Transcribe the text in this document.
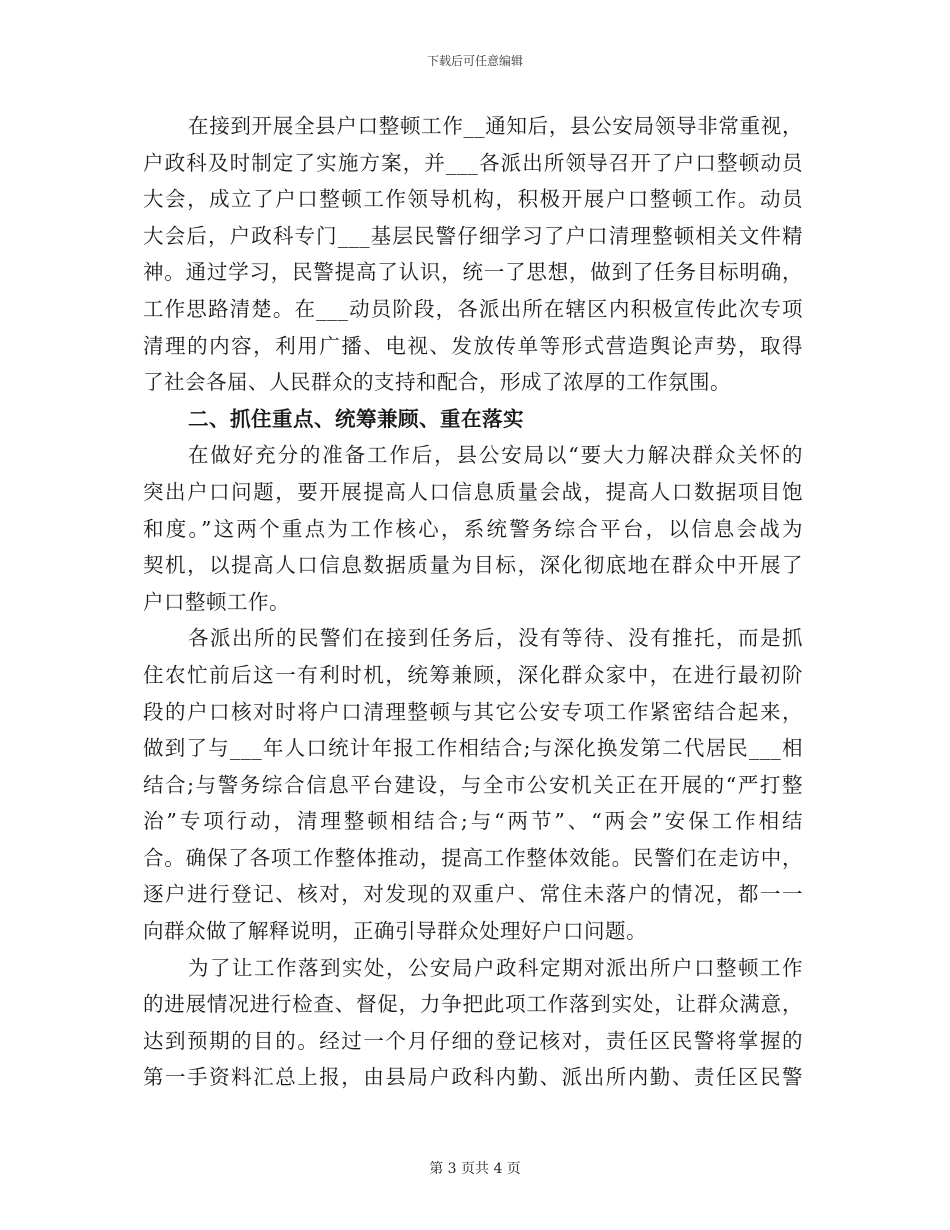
下载后可任意编辑
在接到开展全县户口整顿工作__通知后，县公安局领导非常重视，
户政科及时制定了实施方案，并___各派出所领导召开了户口整顿动员
大会，成立了户口整顿工作领导机构，积极开展户口整顿工作。动员
大会后，户政科专门___基层民警仔细学习了户口清理整顿相关文件精
神。通过学习，民警提高了认识，统一了思想，做到了任务目标明确，
工作思路清楚。在___动员阶段，各派出所在辖区内积极宣传此次专项
清理的内容，利用广播、电视、发放传单等形式营造舆论声势，取得
了社会各届、人民群众的支持和配合，形成了浓厚的工作氛围。
二、抓住重点、统筹兼顾、重在落实
在做好充分的准备工作后，县公安局以“要大力解决群众关怀的
突出户口问题，要开展提高人口信息质量会战，提高人口数据项目饱
和度。”这两个重点为工作核心，系统警务综合平台，以信息会战为
契机，以提高人口信息数据质量为目标，深化彻底地在群众中开展了
户口整顿工作。
各派出所的民警们在接到任务后，没有等待、没有推托，而是抓
住农忙前后这一有利时机，统筹兼顾，深化群众家中，在进行最初阶
段的户口核对时将户口清理整顿与其它公安专项工作紧密结合起来，
做到了与___年人口统计年报工作相结合;与深化换发第二代居民___相
结合;与警务综合信息平台建设，与全市公安机关正在开展的“严打整
治”专项行动，清理整顿相结合;与“两节”、“两会”安保工作相结
合。确保了各项工作整体推动，提高工作整体效能。民警们在走访中，
逐户进行登记、核对，对发现的双重户、常住未落户的情况，都一一
向群众做了解释说明，正确引导群众处理好户口问题。
为了让工作落到实处，公安局户政科定期对派出所户口整顿工作
的进展情况进行检查、督促，力争把此项工作落到实处，让群众满意，
达到预期的目的。经过一个月仔细的登记核对，责任区民警将掌握的
第一手资料汇总上报，由县局户政科内勤、派出所内勤、责任区民警
第 3 页共 4 页
